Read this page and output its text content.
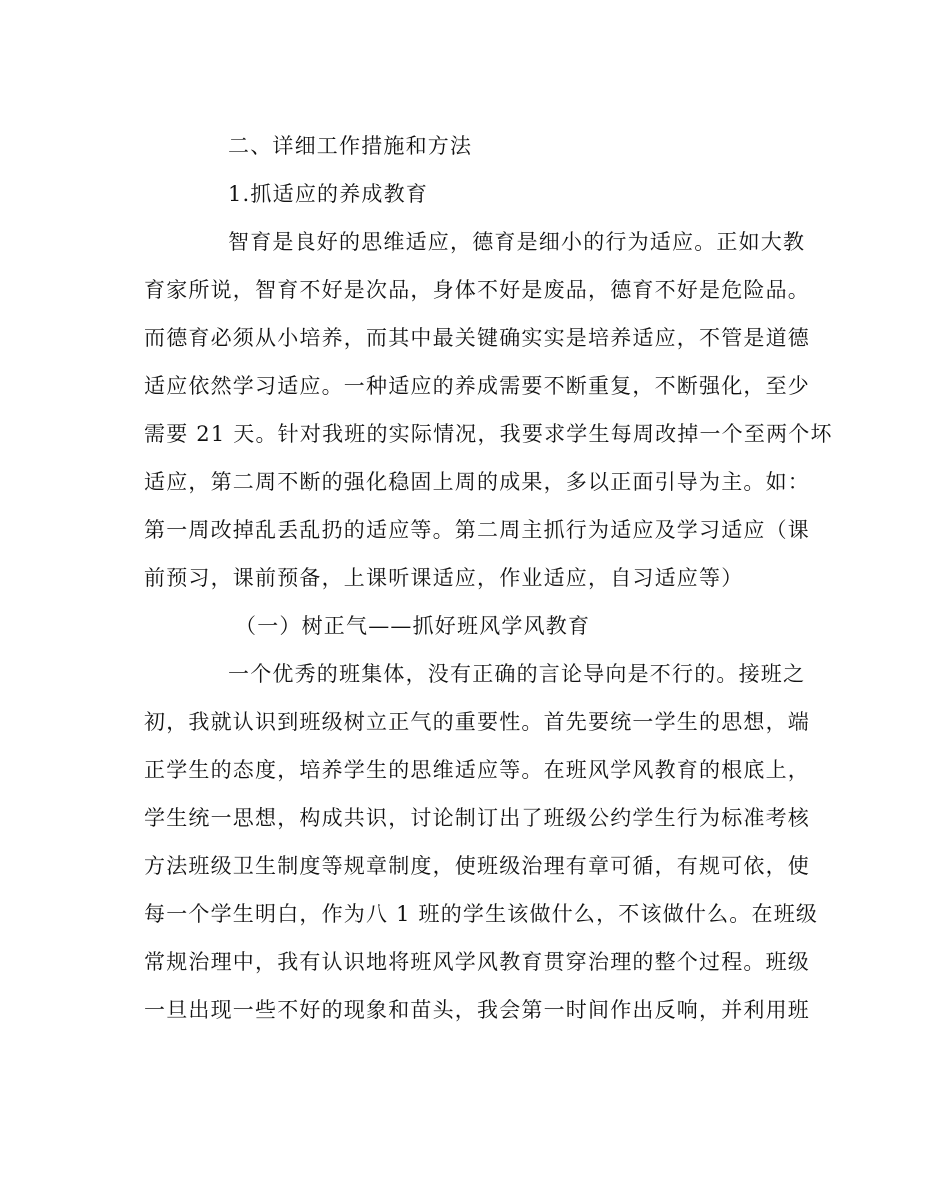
二、详细工作措施和方法
1.抓适应的养成教育
智育是良好的思维适应，德育是细小的行为适应。正如大教
育家所说，智育不好是次品，身体不好是废品，德育不好是危险品。
而德育必须从小培养，而其中最关键确实实是培养适应，不管是道德
适应依然学习适应。一种适应的养成需要不断重复，不断强化，至少
需要 21 天。针对我班的实际情况，我要求学生每周改掉一个至两个坏
适应，第二周不断的强化稳固上周的成果，多以正面引导为主。如：
第一周改掉乱丢乱扔的适应等。第二周主抓行为适应及学习适应（课
前预习，课前预备，上课听课适应，作业适应，自习适应等）
（一）树正气——抓好班风学风教育
一个优秀的班集体，没有正确的言论导向是不行的。接班之
初，我就认识到班级树立正气的重要性。首先要统一学生的思想，端
正学生的态度，培养学生的思维适应等。在班风学风教育的根底上，
学生统一思想，构成共识，讨论制订出了班级公约学生行为标准考核
方法班级卫生制度等规章制度，使班级治理有章可循，有规可依，使
每一个学生明白，作为八 1 班的学生该做什么，不该做什么。在班级
常规治理中，我有认识地将班风学风教育贯穿治理的整个过程。班级
一旦出现一些不好的现象和苗头，我会第一时间作出反响，并利用班
